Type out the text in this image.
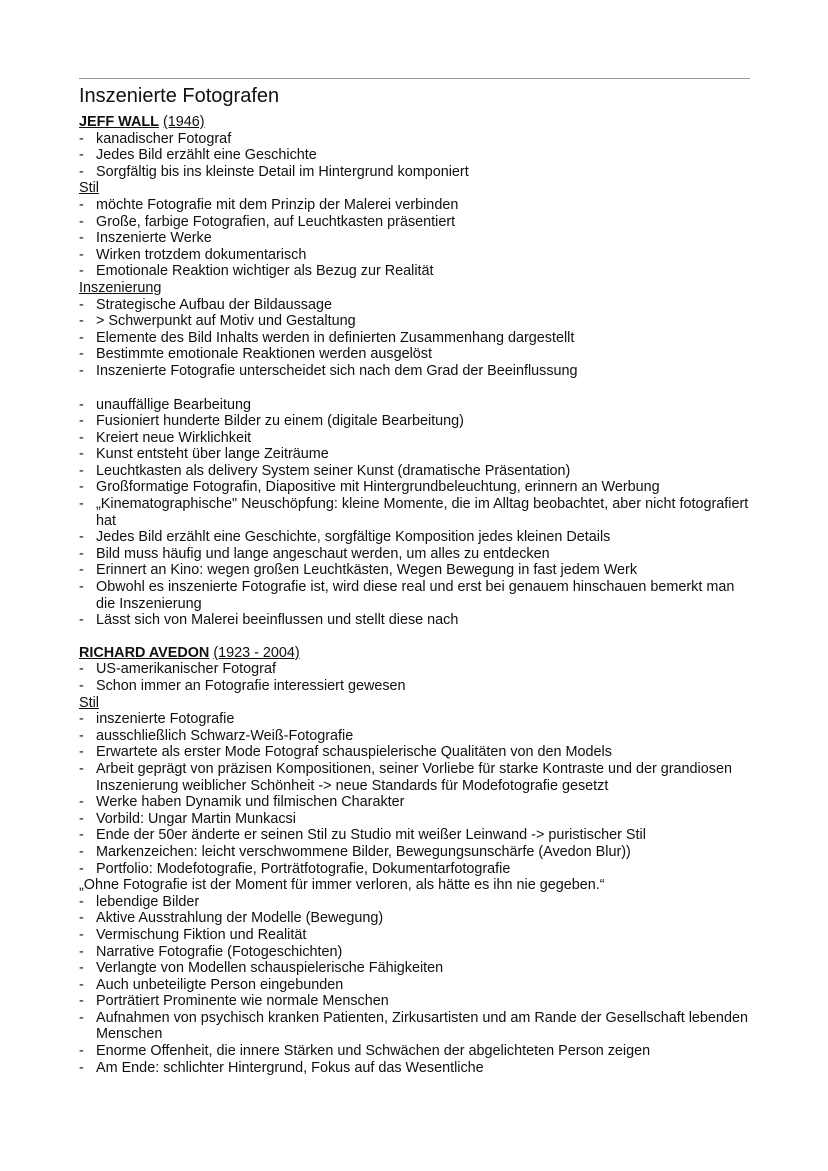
Inszenierte Fotografen
JEFF WALL (1946)
- kanadischer Fotograf
- Jedes Bild erzählt eine Geschichte
- Sorgfältig bis ins kleinste Detail im Hintergrund komponiert
Stil
- möchte Fotografie mit dem Prinzip der Malerei verbinden
- Große, farbige Fotografien, auf Leuchtkasten präsentiert
- Inszenierte Werke
- Wirken trotzdem dokumentarisch
- Emotionale Reaktion wichtiger als Bezug zur Realität
Inszenierung
- Strategische Aufbau der Bildaussage
- > Schwerpunkt auf Motiv und Gestaltung
- Elemente des Bild Inhalts werden in definierten Zusammenhang dargestellt
- Bestimmte emotionale Reaktionen werden ausgelöst
- Inszenierte Fotografie unterscheidet sich nach dem Grad der Beeinflussung
- unauffällige Bearbeitung
- Fusioniert hunderte Bilder zu einem (digitale Bearbeitung)
- Kreiert neue Wirklichkeit
- Kunst entsteht über lange Zeiträume
- Leuchtkasten als delivery System seiner Kunst (dramatische Präsentation)
- Großformatige Fotografin, Diapositive mit Hintergrundbeleuchtung, erinnern an Werbung
- „Kinematographische" Neuschöpfung: kleine Momente, die im Alltag beobachtet, aber nicht fotografiert hat
- Jedes Bild erzählt eine Geschichte, sorgfältige Komposition jedes kleinen Details
- Bild muss häufig und lange angeschaut werden, um alles zu entdecken
- Erinnert an Kino: wegen großen Leuchtkästen, Wegen Bewegung in fast jedem Werk
- Obwohl es inszenierte Fotografie ist, wird diese real und erst bei genauem hinschauen bemerkt man die Inszenierung
- Lässt sich von Malerei beeinflussen und stellt diese nach
RICHARD AVEDON (1923 - 2004)
- US-amerikanischer Fotograf
- Schon immer an Fotografie interessiert gewesen
Stil
- inszenierte Fotografie
- ausschließlich Schwarz-Weiß-Fotografie
- Erwartete als erster Mode Fotograf schauspielerische Qualitäten von den Models
- Arbeit geprägt von präzisen Kompositionen, seiner Vorliebe für starke Kontraste und der grandiosen Inszenierung weiblicher Schönheit -> neue Standards für Modefotografie gesetzt
- Werke haben Dynamik und filmischen Charakter
- Vorbild: Ungar Martin Munkacsi
- Ende der 50er änderte er seinen Stil zu Studio mit weißer Leinwand -> puristischer Stil
- Markenzeichen: leicht verschwommene Bilder, Bewegungsunschärfe (Avedon Blur))
- Portfolio: Modefotografie, Porträtfotografie, Dokumentarfotografie
„Ohne Fotografie ist der Moment für immer verloren, als hätte es ihn nie gegeben.“
- lebendige Bilder
- Aktive Ausstrahlung der Modelle (Bewegung)
- Vermischung Fiktion und Realität
- Narrative Fotografie (Fotogeschichten)
- Verlangte von Modellen schauspielerische Fähigkeiten
- Auch unbeteiligte Person eingebunden
- Porträtiert Prominente wie normale Menschen
- Aufnahmen von psychisch kranken Patienten, Zirkusartisten und am Rande der Gesellschaft lebenden Menschen
- Enorme Offenheit, die innere Stärken und Schwächen der abgelichteten Person zeigen
- Am Ende: schlichter Hintergrund, Fokus auf das Wesentliche
